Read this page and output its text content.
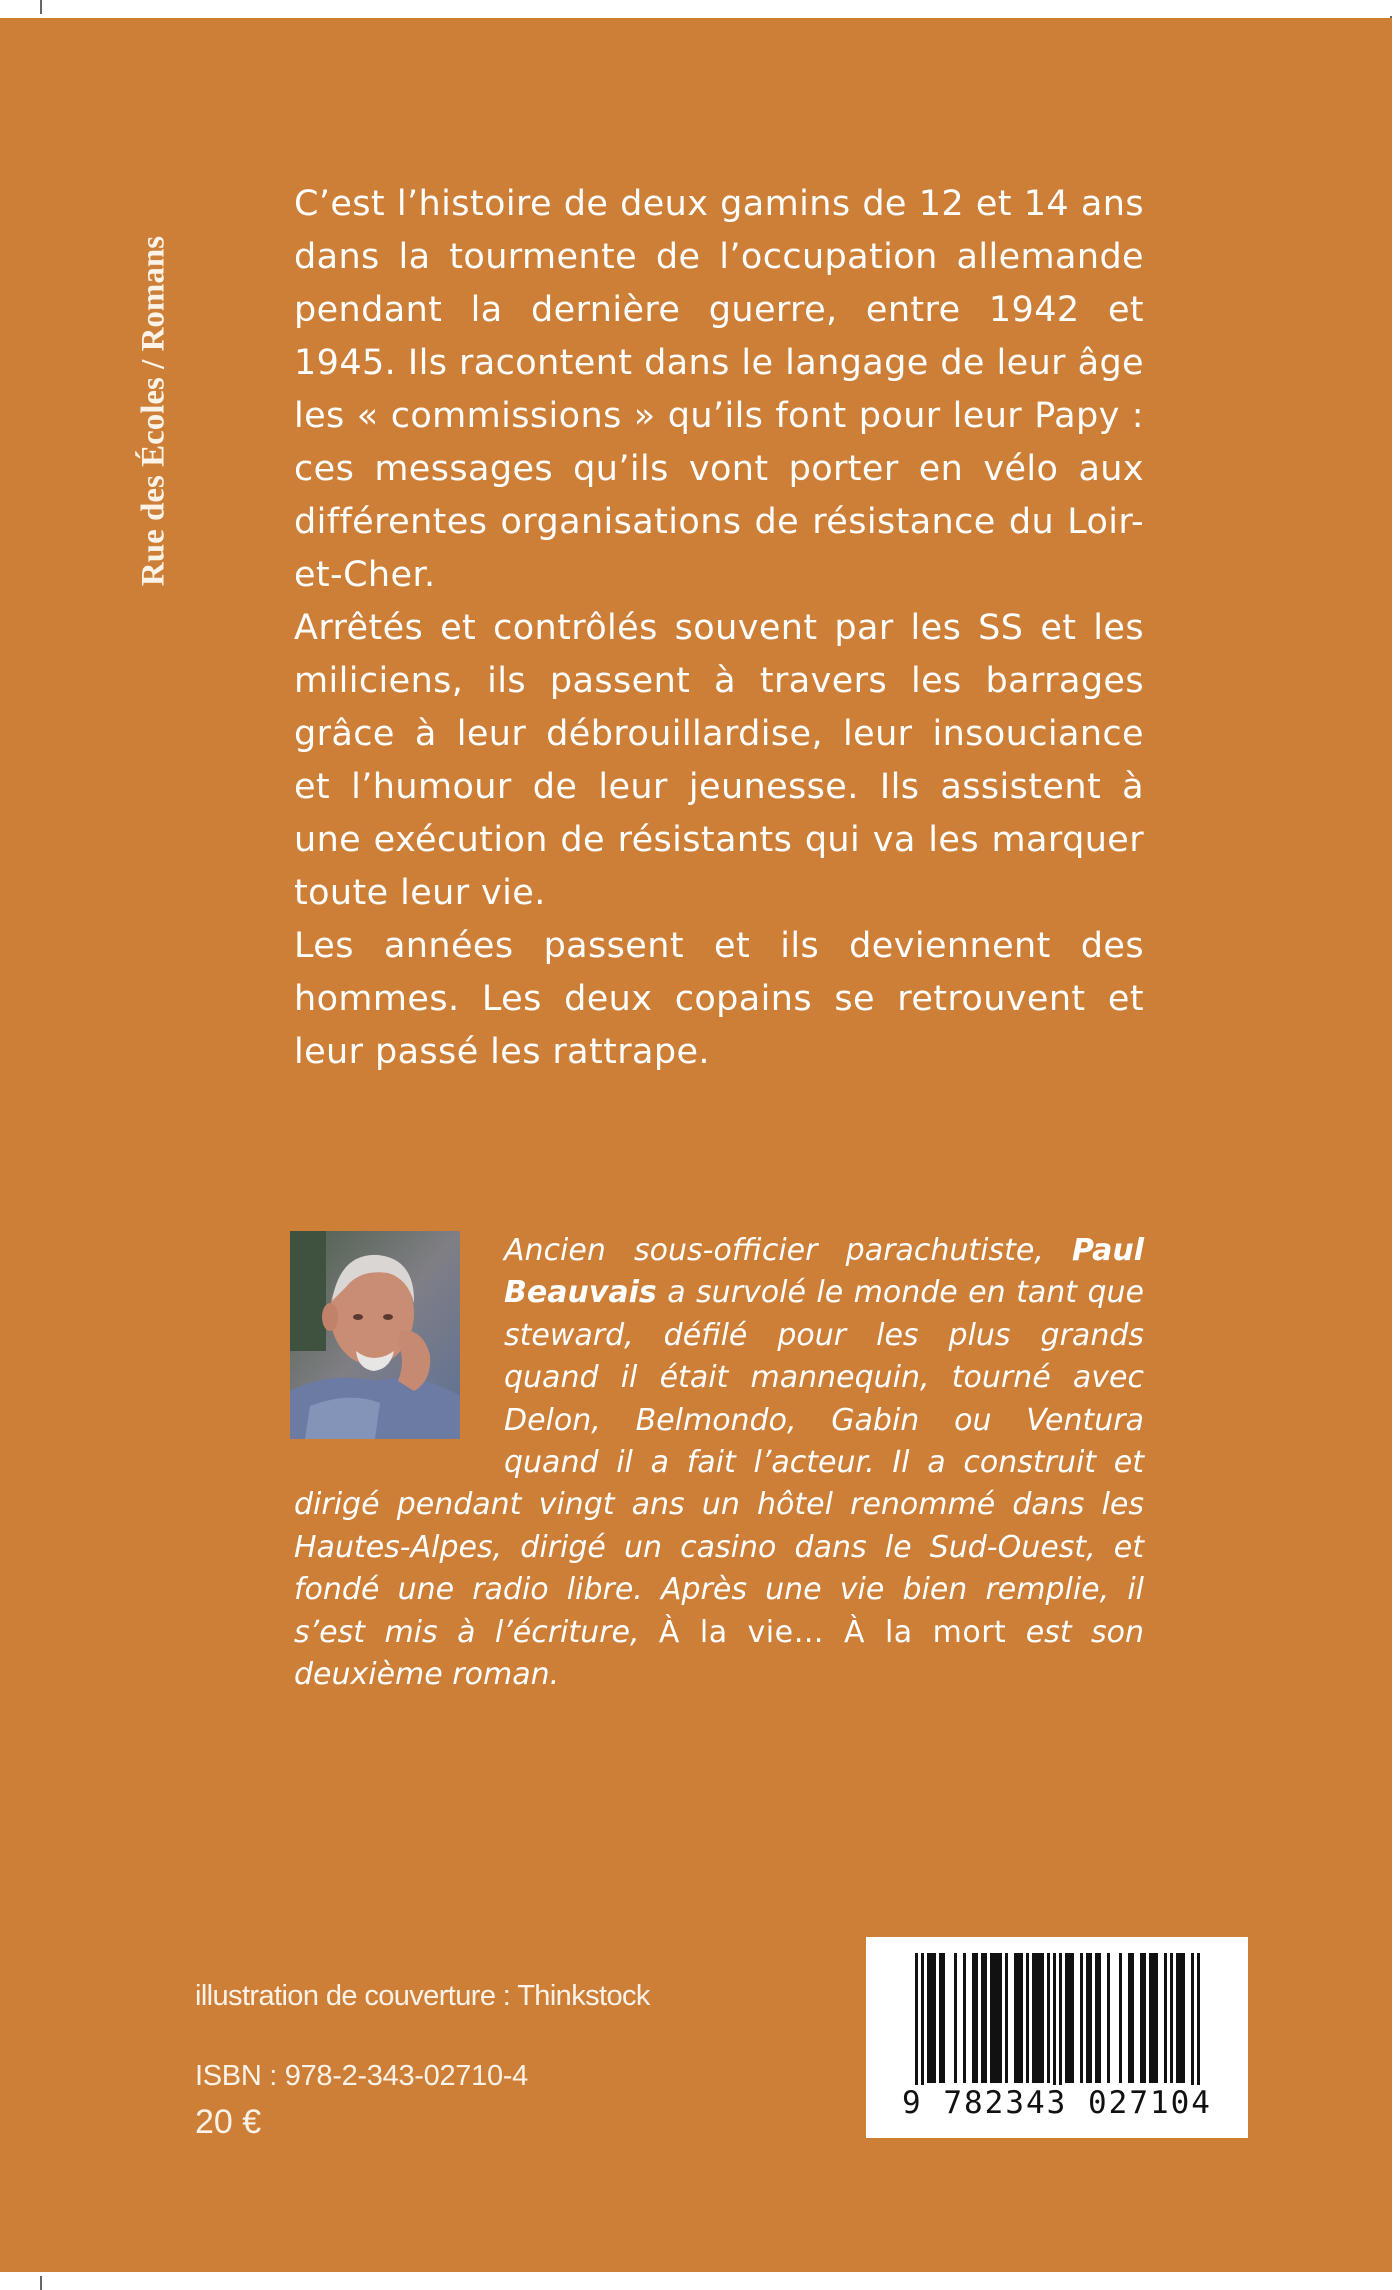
Rue des Écoles / Romans

C’est l’histoire de deux gamins de 12 et 14 ans dans la tourmente de l’occupation allemande pendant la dernière guerre, entre 1942 et 1945. Ils racontent dans le langage de leur âge les « commissions » qu’ils font pour leur Papy : ces messages qu’ils vont porter en vélo aux différentes organisations de résistance du Loir-et-Cher.

Arrêtés et contrôlés souvent par les SS et les miliciens, ils passent à travers les barrages grâce à leur débrouillardise, leur insouciance et l’humour de leur jeunesse. Ils assistent à une exécution de résistants qui va les marquer toute leur vie.

Les années passent et ils deviennent des hommes. Les deux copains se retrouvent et leur passé les rattrape.

Ancien sous-officier parachutiste, Paul Beauvais a survolé le monde en tant que steward, défilé pour les plus grands quand il était mannequin, tourné avec Delon, Belmondo, Gabin ou Ventura quand il a fait l’acteur. Il a construit et dirigé pendant vingt ans un hôtel renommé dans les Hautes-Alpes, dirigé un casino dans le Sud-Ouest, et fondé une radio libre. Après une vie bien remplie, il s’est mis à l’écriture, À la vie… À la mort est son deuxième roman.
illustration de couverture : Thinkstock
ISBN : 978-2-343-02710-4
20 €	9 782343 027104
